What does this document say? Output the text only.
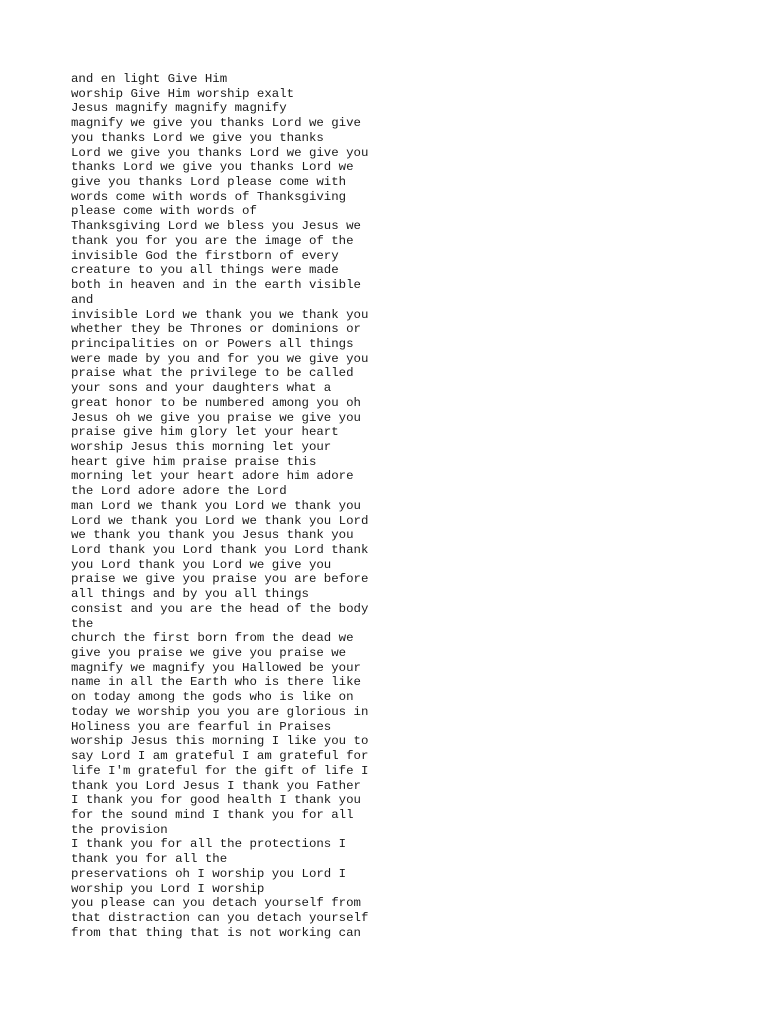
and en light Give Him
worship Give Him worship exalt
Jesus magnify magnify magnify
magnify we give you thanks Lord we give
you thanks Lord we give you thanks
Lord we give you thanks Lord we give you
thanks Lord we give you thanks Lord we
give you thanks Lord please come with
words come with words of Thanksgiving
please come with words of
Thanksgiving Lord we bless you Jesus we
thank you for you are the image of the
invisible God the firstborn of every
creature to you all things were made
both in heaven and in the earth visible
and
invisible Lord we thank you we thank you
whether they be Thrones or dominions or
principalities on or Powers all things
were made by you and for you we give you
praise what the privilege to be called
your sons and your daughters what a
great honor to be numbered among you oh
Jesus oh we give you praise we give you
praise give him glory let your heart
worship Jesus this morning let your
heart give him praise praise this
morning let your heart adore him adore
the Lord adore adore the Lord
man Lord we thank you Lord we thank you
Lord we thank you Lord we thank you Lord
we thank you thank you Jesus thank you
Lord thank you Lord thank you Lord thank
you Lord thank you Lord we give you
praise we give you praise you are before
all things and by you all things
consist and you are the head of the body
the
church the first born from the dead we
give you praise we give you praise we
magnify we magnify you Hallowed be your
name in all the Earth who is there like
on today among the gods who is like on
today we worship you you are glorious in
Holiness you are fearful in Praises
worship Jesus this morning I like you to
say Lord I am grateful I am grateful for
life I'm grateful for the gift of life I
thank you Lord Jesus I thank you Father
I thank you for good health I thank you
for the sound mind I thank you for all
the provision
I thank you for all the protections I
thank you for all the
preservations oh I worship you Lord I
worship you Lord I worship
you please can you detach yourself from
that distraction can you detach yourself
from that thing that is not working can
